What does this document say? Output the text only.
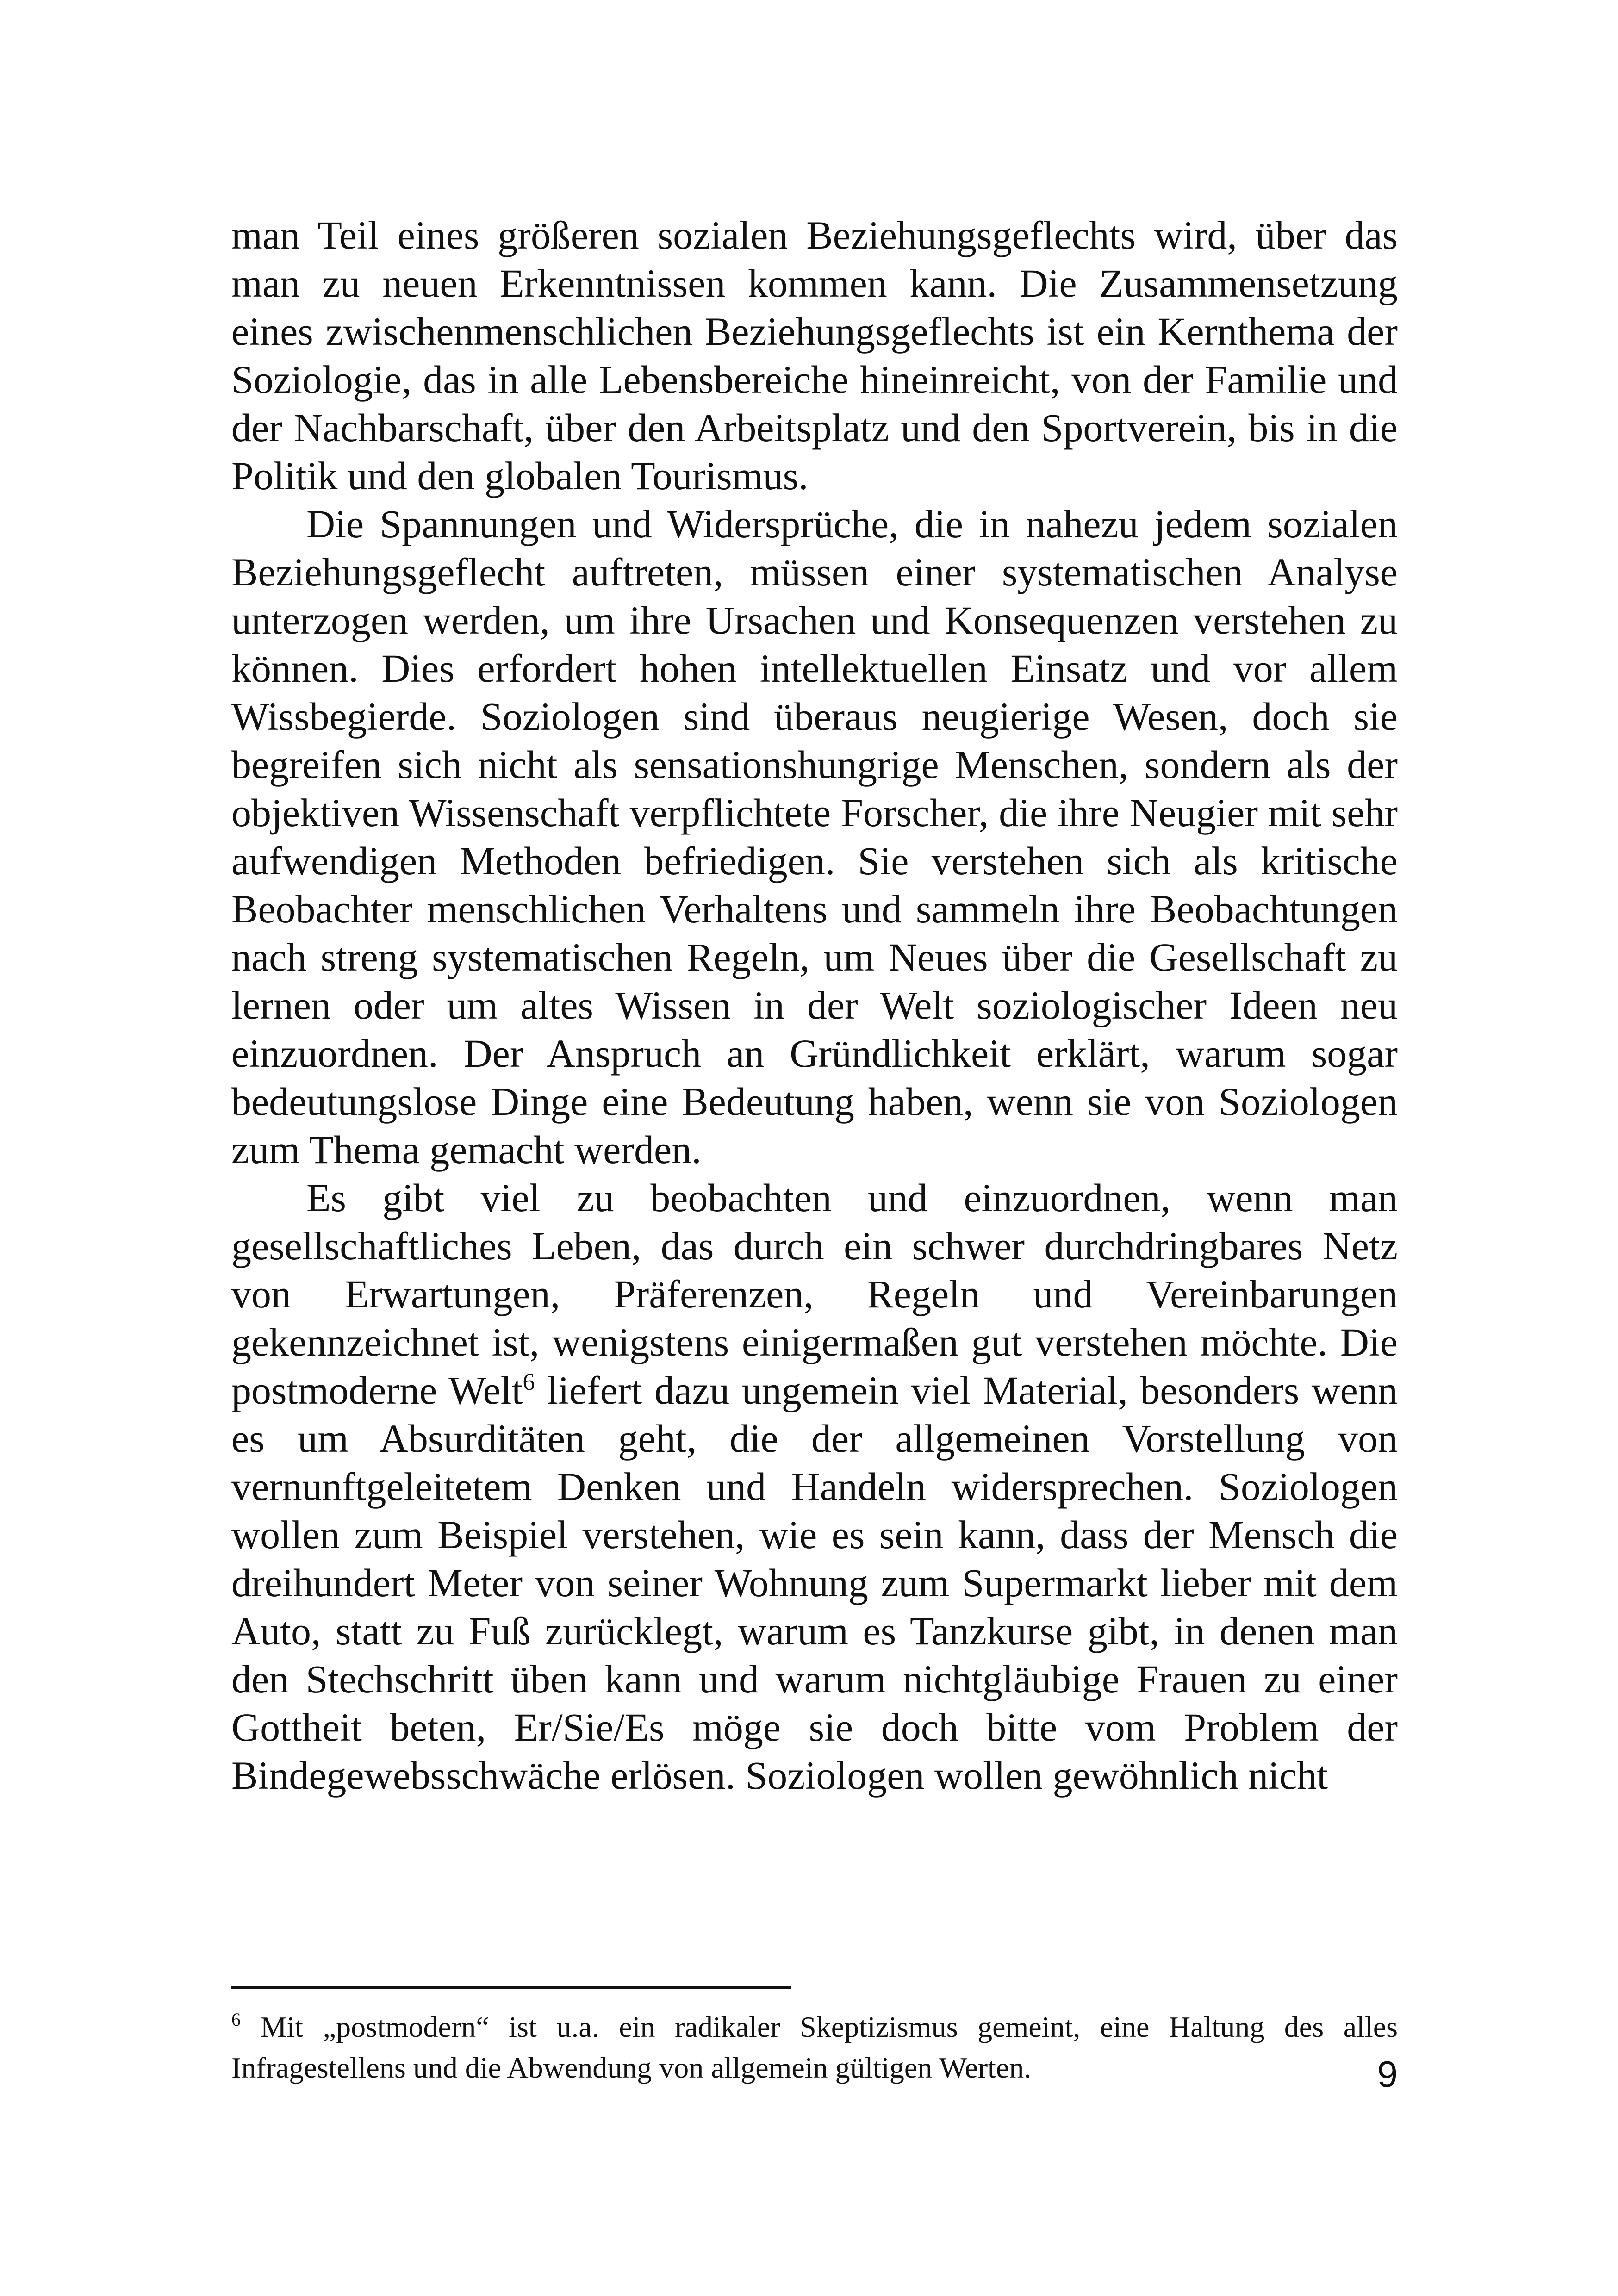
man Teil eines größeren sozialen Beziehungsgeflechts wird, über das man zu neuen Erkenntnissen kommen kann. Die Zusammensetzung eines zwischenmenschlichen Beziehungsgeflechts ist ein Kernthema der Soziologie, das in alle Lebensbereiche hineinreicht, von der Familie und der Nachbarschaft, über den Arbeitsplatz und den Sportverein, bis in die Politik und den globalen Tourismus.

Die Spannungen und Widersprüche, die in nahezu jedem sozialen Beziehungsgeflecht auftreten, müssen einer systematischen Analyse unterzogen werden, um ihre Ursachen und Konsequenzen verstehen zu können. Dies erfordert hohen intellektuellen Einsatz und vor allem Wissbegierde. Soziologen sind überaus neugierige Wesen, doch sie begreifen sich nicht als sensationshungrige Menschen, sondern als der objektiven Wissenschaft verpflichtete Forscher, die ihre Neugier mit sehr aufwendigen Methoden befriedigen. Sie verstehen sich als kritische Beobachter menschlichen Verhaltens und sammeln ihre Beobachtungen nach streng systematischen Regeln, um Neues über die Gesellschaft zu lernen oder um altes Wissen in der Welt soziologischer Ideen neu einzuordnen. Der Anspruch an Gründlichkeit erklärt, warum sogar bedeutungslose Dinge eine Bedeutung haben, wenn sie von Soziologen zum Thema gemacht werden.

Es gibt viel zu beobachten und einzuordnen, wenn man gesellschaftliches Leben, das durch ein schwer durchdringbares Netz von Erwartungen, Präferenzen, Regeln und Vereinbarungen gekennzeichnet ist, wenigstens einigermaßen gut verstehen möchte. Die postmoderne Welt$^6$ liefert dazu ungemein viel Material, besonders wenn es um Absurditäten geht, die der allgemeinen Vorstellung von vernunftgeleitetem Denken und Handeln widersprechen. Soziologen wollen zum Beispiel verstehen, wie es sein kann, dass der Mensch die dreihundert Meter von seiner Wohnung zum Supermarkt lieber mit dem Auto, statt zu Fuß zurücklegt, warum es Tanzkurse gibt, in denen man den Stechschritt üben kann und warum nichtgläubige Frauen zu einer Gottheit beten, Er/Sie/Es möge sie doch bitte vom Problem der Bindegewebsschwäche erlösen. Soziologen wollen gewöhnlich nicht

$^6$ Mit „postmodern“ ist u.a. ein radikaler Skeptizismus gemeint, eine Haltung des alles Infragestellens und die Abwendung von allgemein gültigen Werten.	9
